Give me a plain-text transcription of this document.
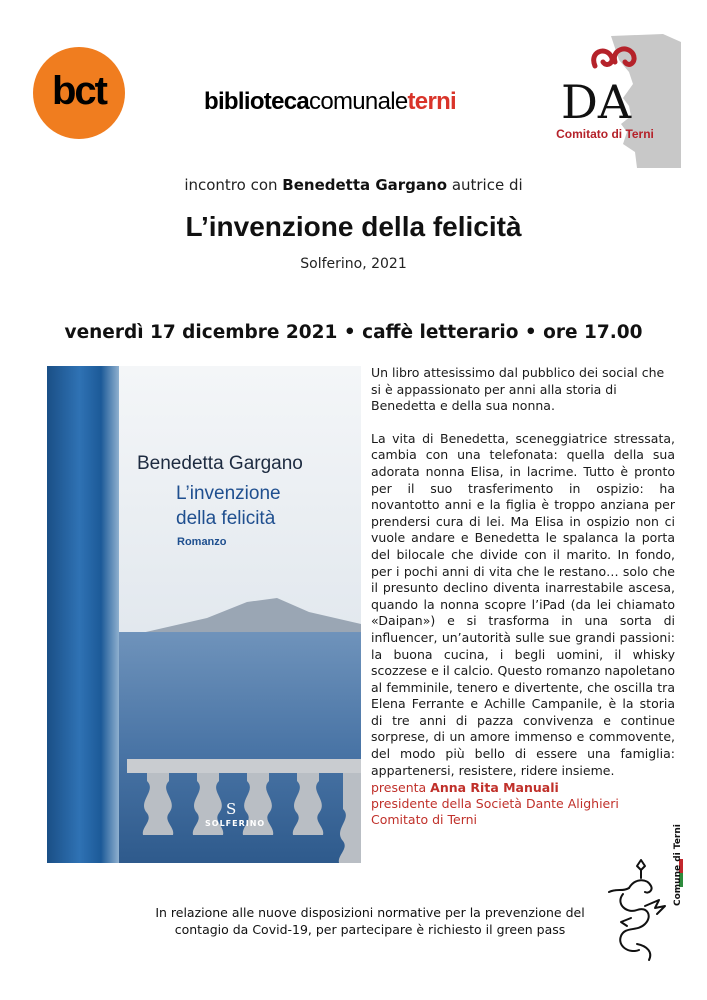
bct	bibliotecacomunaleterni DA
Comitato di Terni
incontro con Benedetta Gargano autrice di
L’invenzione della felicità
Solferino, 2021
venerdì 17 dicembre 2021 • caffè letterario • ore 17.00
Benedetta Gargano
L’invenzione
della felicità
Romanzo
S
SOLFERINO

Un libro attesissimo dal pubblico dei social che si è appassionato per anni alla storia di Benedetta e della sua nonna.

La vita di Benedetta, sceneggiatrice stressata, cambia con una telefonata: quella della sua adorata nonna Elisa, in lacrime. Tutto è pronto per il suo trasferimento in ospizio: ha novantotto anni e la figlia è troppo anziana per prendersi cura di lei. Ma Elisa in ospizio non ci vuole andare e Benedetta le spalanca la porta del bilocale che divide con il marito. In fondo, per i pochi anni di vita che le restano… solo che il presunto declino diventa inarrestabile ascesa, quando la nonna scopre l’iPad (da lei chiamato «Daipan») e si trasforma in una sorta di influencer, un’autorità sulle sue grandi passioni: la buona cucina, i begli uomini, il whisky scozzese e il calcio. Questo romanzo napoletano al femminile, tenero e divertente, che oscilla tra Elena Ferrante e Achille Campanile, è la storia di tre anni di pazza convivenza e continue sorprese, di un amore immenso e commovente, del modo più bello di essere una famiglia: appartenersi, resistere, ridere insieme.

presenta Anna Rita Manuali
presidente della Società Dante Alighieri
Comitato di Terni
In relazione alle nuove disposizioni normative per la prevenzione del contagio da Covid-19, per partecipare è richiesto il green pass
Comune di Terni
